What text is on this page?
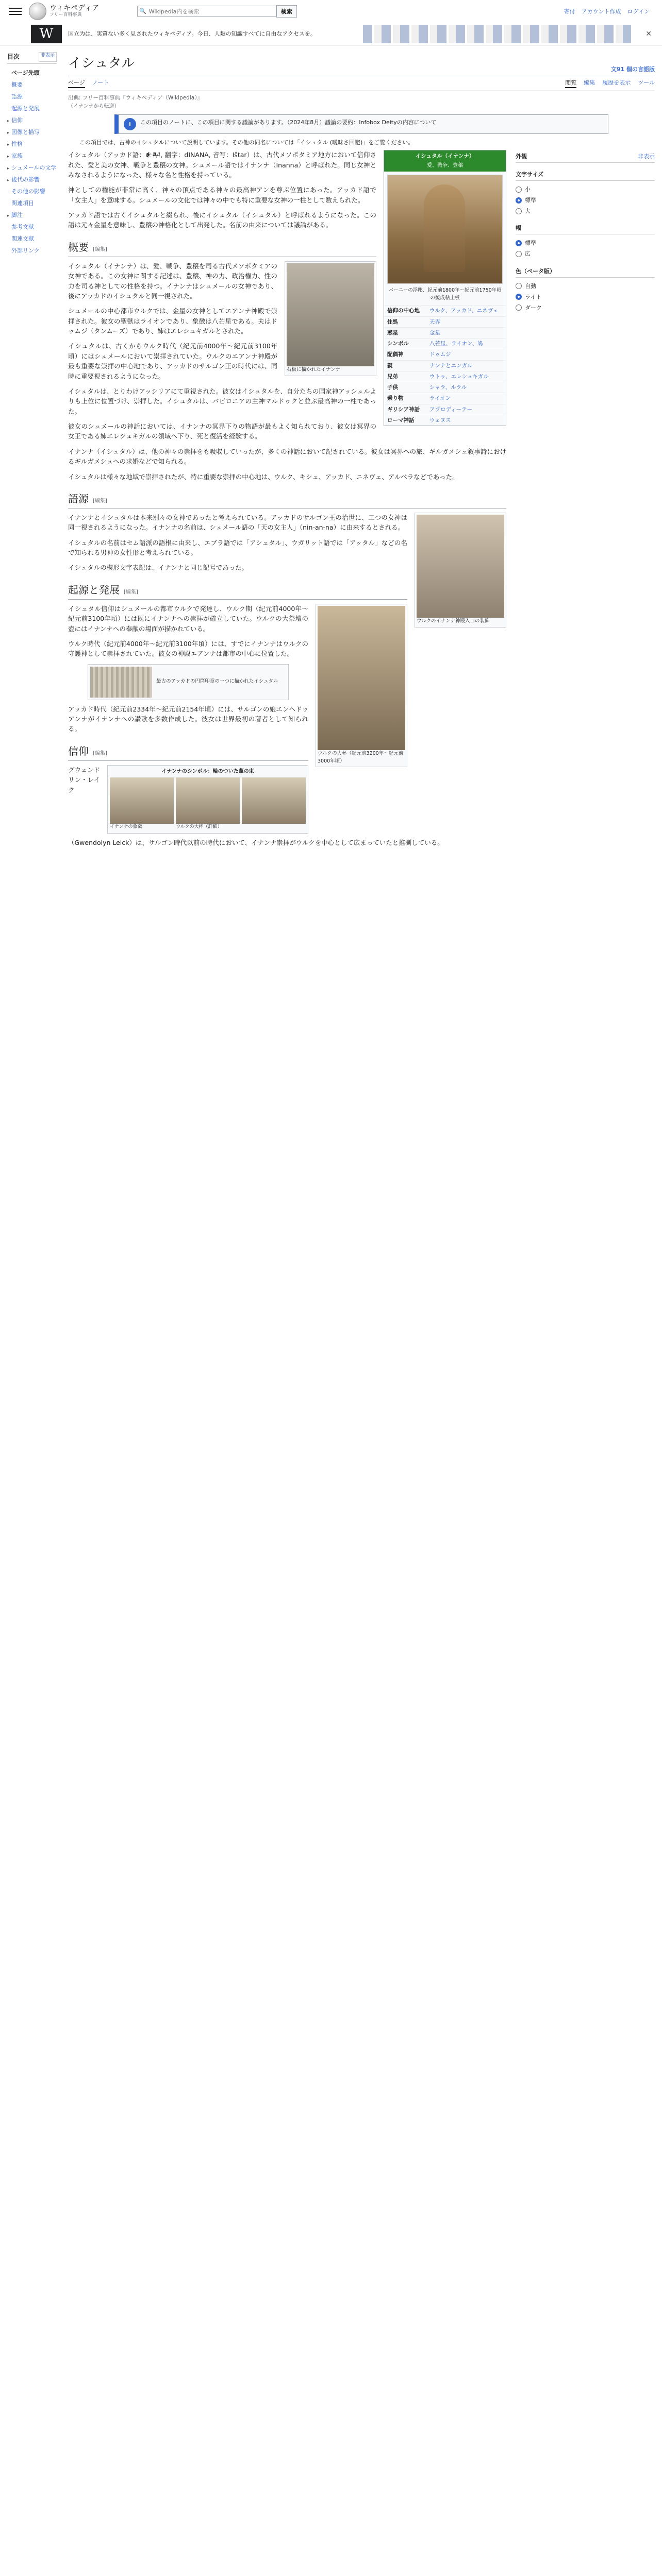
ウィキペディア
フリー百科事典
🔍
Wikipedia内を検索	検索	寄付 アカウント作成 ログイン
W	国立为は、実質ない多く見されたウィキペディア。今日、人類の知識すべてに自由なアクセスを。	✕
目次	非表示
ページ先頭
概要
語源
起源と発展
▸ 信仰
▸ 図像と描写
▸ 性格
▸ 家族
▸ シュメールの文学
▸ 後代の影響
その他の影響
関連項目
▸ 脚注
参考文献
関連文献
外部リンク
イシュタル	文91 個の言語版
ページ ノート	閲覧 編集 履歴を表示 ツール
出典: フリー百科事典『ウィキペディア（Wikipedia）』
（イナンナから転送）
i	この項目のノートに、この項目に関する議論があります。（2024年8月）議論の要約：Infobox Deityの内容について
この項目では、古神のイシュタルについて説明しています。その他の同名については「イシュタル (曖昧さ回避)」をご覧ください。
イシュタル（イナンナ）
愛、戦争、豊穣
バーニーの浮彫、紀元前1800年～紀元前1750年頃の焼成粘土板
信仰の中心地	ウルク、アッカド、ニネヴェ
住処	天界
惑星	金星
シンボル	八芒星、ライオン、鳩
配偶神	ドゥムジ
親	ナンナとニンガル
兄弟	ウトゥ、エレシュキガル
子供	シャラ、ルラル
乗り物	ライオン
ギリシア神話	アプロディーテー
ローマ神話	ウェヌス

イシュタル（アッカド語：𒀭𒈹, 翻字：dINANA, 音写：Ištar）は、古代メソポタミア地方において信仰された、愛と美の女神、戦争と豊穣の女神。シュメール語ではイナンナ（Inanna）と呼ばれた。同じ女神とみなされるようになった、様々な名と性格を持っている。

神としての権能が非常に高く、神々の頂点である神々の最高神アンを尊ぶ位置にあった。アッカド語で「女主人」を意味する。シュメールの文化では神々の中でも特に重要な女神の一柱として数えられた。

アッカド語では古くイシュタルと綴られ、後にイシュタル（イシュタル）と呼ばれるようになった。この語は元々金星を意味し、豊穣の神格化として出発した。名前の由来については議論がある。

概要 [編集]
石板に描かれたイナンナ

イシュタル（イナンナ）は、愛、戦争、豊穣を司る古代メソポタミアの女神である。この女神に関する記述は、豊穣、神の力、政治権力、性の力を司る神としての性格を持つ。イナンナはシュメールの女神であり、後にアッカドのイシュタルと同一視された。

シュメールの中心都市ウルクでは、金星の女神としてエアンナ神殿で崇拝された。彼女の聖獣はライオンであり、象徴は八芒星である。夫はドゥムジ（タンムーズ）であり、姉はエレシュキガルとされた。

イシュタルは、古くからウルク時代（紀元前4000年～紀元前3100年頃）にはシュメールにおいて崇拝されていた。ウルクのエアンナ神殿が最も重要な崇拝の中心地であり、アッカドのサルゴン王の時代には、同時に重要視されるようになった。

イシュタルは、とりわけアッシリアにて重視された。彼女はイシュタルを、自分たちの国家神アッシュルよりも上位に位置づけ、崇拝した。イシュタルは、バビロニアの主神マルドゥクと並ぶ最高神の一柱であった。

彼女のシュメールの神話においては、イナンナの冥界下りの物語が最もよく知られており、彼女は冥界の女王である姉エレシュキガルの領域へ下り、死と復活を経験する。

イナンナ（イシュタル）は、他の神々の崇拝をも吸収していったが、多くの神話において記されている。彼女は冥界への旅、ギルガメシュ叙事詩におけるギルガメシュへの求婚などで知られる。

イシュタルは様々な地域で崇拝されたが、特に重要な崇拝の中心地は、ウルク、キシュ、アッカド、ニネヴェ、アルベラなどであった。

語源 [編集]
ウルクのイナンナ神殿入口の装飾

イナンナとイシュタルは本来別々の女神であったと考えられている。アッカドのサルゴン王の治世に、二つの女神は同一視されるようになった。イナンナの名前は、シュメール語の「天の女主人」（nin-an-na）に由来するとされる。

イシュタルの名前はセム語派の語根に由来し、エブラ語では「アシュタル」、ウガリット語では「アッタル」などの名で知られる男神の女性形と考えられている。

イシュタルの楔形文字表記は、イナンナと同じ記号であった。

起源と発展 [編集]
ウルクの大杯（紀元前3200年～紀元前3000年頃）

イシュタル信仰はシュメールの都市ウルクで発達し、ウルク期（紀元前4000年～紀元前3100年頃）には既にイナンナへの崇拝が確立していた。ウルクの大祭壇の壺にはイナンナへの奉献の場面が描かれている。

ウルク時代（紀元前4000年～紀元前3100年頃）には、すでにイナンナはウルクの守護神として崇拝されていた。彼女の神殿エアンナは都市の中心に位置した。

最古のアッカドの円筒印章の一つに描かれたイシュタル

アッカド時代（紀元前2334年～紀元前2154年頃）には、サルゴンの娘エンヘドゥアンナがイナンナへの讃歌を多数作成した。彼女は世界最初の著者として知られる。

信仰 [編集]
イナンナのシンボル：輪のついた葦の束
イナンナの象徴	ウルクの大杯（詳細）

グウェンドリン・レイク（Gwendolyn Leick）は、サルゴン時代以前の時代において、イナンナ崇拝がウルクを中心として広まっていたと推測している。

外観	非表示
文字サイズ
小
標準
大
幅
標準
広
色（ベータ版）
自動
ライト
ダーク
